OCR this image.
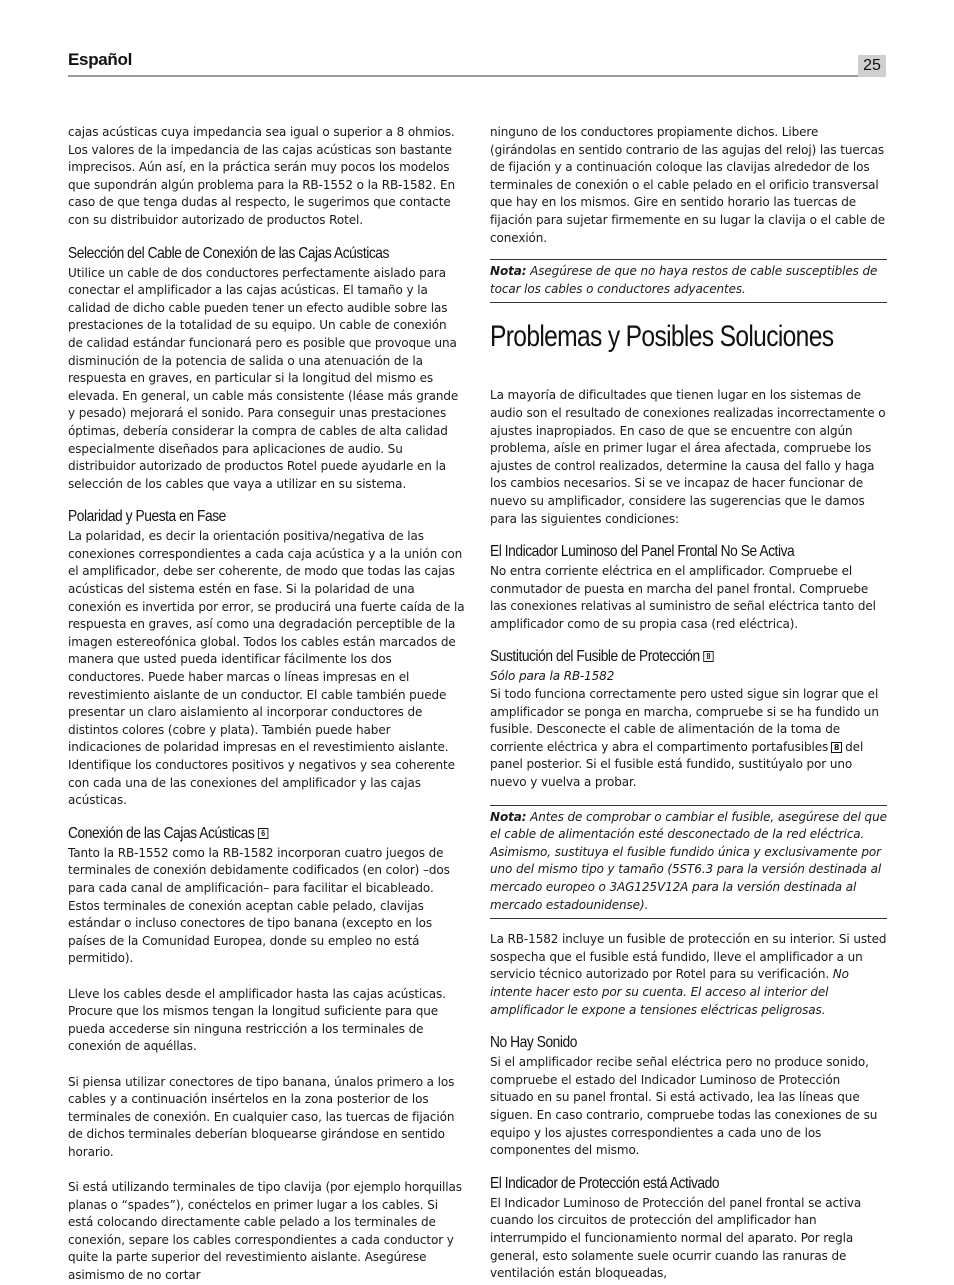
Español	25

cajas acústicas cuya impedancia sea igual o superior a 8 ohmios. Los valores de la impedancia de las cajas acústicas son bastante imprecisos. Aún así, en la práctica serán muy pocos los modelos que supondrán algún problema para la RB-1552 o la RB-1582. En caso de que tenga dudas al respecto, le sugerimos que contacte con su distribuidor autorizado de productos Rotel.

Selección del Cable de Conexión de las Cajas Acústicas

Utilice un cable de dos conductores perfectamente aislado para conectar el amplificador a las cajas acústicas. El tamaño y la calidad de dicho cable pueden tener un efecto audible sobre las prestaciones de la totalidad de su equipo. Un cable de conexión de calidad estándar funcionará pero es posible que provoque una disminución de la potencia de salida o una atenuación de la respuesta en graves, en particular si la longitud del mismo es elevada. En general, un cable más consistente (léase más grande y pesado) mejorará el sonido. Para conseguir unas prestaciones óptimas, debería considerar la compra de cables de alta calidad especialmente diseñados para aplicaciones de audio. Su distribuidor autorizado de productos Rotel puede ayudarle en la selección de los cables que vaya a utilizar en su sistema.

Polaridad y Puesta en Fase

La polaridad, es decir la orientación positiva/negativa de las conexiones correspondientes a cada caja acústica y a la unión con el amplificador, debe ser coherente, de modo que todas las cajas acústicas del sistema estén en fase. Si la polaridad de una conexión es invertida por error, se producirá una fuerte caída de la respuesta en graves, así como una degradación perceptible de la imagen estereofónica global. Todos los cables están marcados de manera que usted pueda identificar fácilmente los dos conductores. Puede haber marcas o líneas impresas en el revestimiento aislante de un conductor. El cable también puede presentar un claro aislamiento al incorporar conductores de distintos colores (cobre y plata). También puede haber indicaciones de polaridad impresas en el revestimiento aislante. Identifique los conductores positivos y negativos y sea coherente con cada una de las conexiones del amplificador y las cajas acústicas.

Conexión de las Cajas Acústicas 6

Tanto la RB-1552 como la RB-1582 incorporan cuatro juegos de terminales de conexión debidamente codificados (en color) –dos para cada canal de amplificación– para facilitar el bicableado. Estos terminales de conexión aceptan cable pelado, clavijas estándar o incluso conectores de tipo banana (excepto en los países de la Comunidad Europea, donde su empleo no está permitido).

Lleve los cables desde el amplificador hasta las cajas acústicas. Procure que los mismos tengan la longitud suficiente para que pueda accederse sin ninguna restricción a los terminales de conexión de aquéllas.

Si piensa utilizar conectores de tipo banana, únalos primero a los cables y a continuación insértelos en la zona posterior de los terminales de conexión. En cualquier caso, las tuercas de fijación de dichos terminales deberían bloquearse girándose en sentido horario.

Si está utilizando terminales de tipo clavija (por ejemplo horquillas planas o “spades”), conéctelos en primer lugar a los cables. Si está colocando directamente cable pelado a los terminales de conexión, separe los cables correspondientes a cada conductor y quite la parte superior del revestimiento aislante. Asegúrese asimismo de no cortar

ninguno de los conductores propiamente dichos. Libere (girándolas en sentido contrario de las agujas del reloj) las tuercas de fijación y a continuación coloque las clavijas alrededor de los terminales de conexión o el cable pelado en el orificio transversal que hay en los mismos. Gire en sentido horario las tuercas de fijación para sujetar firmemente en su lugar la clavija o el cable de conexión.

Nota: Asegúrese de que no haya restos de cable susceptibles de tocar los cables o conductores adyacentes.

Problemas y Posibles Soluciones

La mayoría de dificultades que tienen lugar en los sistemas de audio son el resultado de conexiones realizadas incorrectamente o ajustes inapropiados. En caso de que se encuentre con algún problema, aísle en primer lugar el área afectada, compruebe los ajustes de control realizados, determine la causa del fallo y haga los cambios necesarios. Si se ve incapaz de hacer funcionar de nuevo su amplificador, considere las sugerencias que le damos para las siguientes condiciones:

El Indicador Luminoso del Panel Frontal No Se Activa

No entra corriente eléctrica en el amplificador. Compruebe el conmutador de puesta en marcha del panel frontal. Compruebe las conexiones relativas al suministro de señal eléctrica tanto del amplificador como de su propia casa (red eléctrica).

Sustitución del Fusible de Protección 8

Sólo para la RB-1582

Si todo funciona correctamente pero usted sigue sin lograr que el amplificador se ponga en marcha, compruebe si se ha fundido un fusible. Desconecte el cable de alimentación de la toma de corriente eléctrica y abra el compartimento portafusibles 8 del panel posterior. Si el fusible está fundido, sustitúyalo por uno nuevo y vuelva a probar.

Nota: Antes de comprobar o cambiar el fusible, asegúrese del que el cable de alimentación esté desconectado de la red eléctrica. Asimismo, sustituya el fusible fundido única y exclusivamente por uno del mismo tipo y tamaño (5ST6.3 para la versión destinada al mercado europeo o 3AG125V12A para la versión destinada al mercado estadounidense).

La RB-1582 incluye un fusible de protección en su interior. Si usted sospecha que el fusible está fundido, lleve el amplificador a un servicio técnico autorizado por Rotel para su verificación. No intente hacer esto por su cuenta. El acceso al interior del amplificador le expone a tensiones eléctricas peligrosas.

No Hay Sonido

Si el amplificador recibe señal eléctrica pero no produce sonido, compruebe el estado del Indicador Luminoso de Protección situado en su panel frontal. Si está activado, lea las líneas que siguen. En caso contrario, compruebe todas las conexiones de su equipo y los ajustes correspondientes a cada uno de los componentes del mismo.

El Indicador de Protección está Activado

El Indicador Luminoso de Protección del panel frontal se activa cuando los circuitos de protección del amplificador han interrumpido el funcionamiento normal del aparato. Por regla general, esto solamente suele ocurrir cuando las ranuras de ventilación están bloqueadas,
